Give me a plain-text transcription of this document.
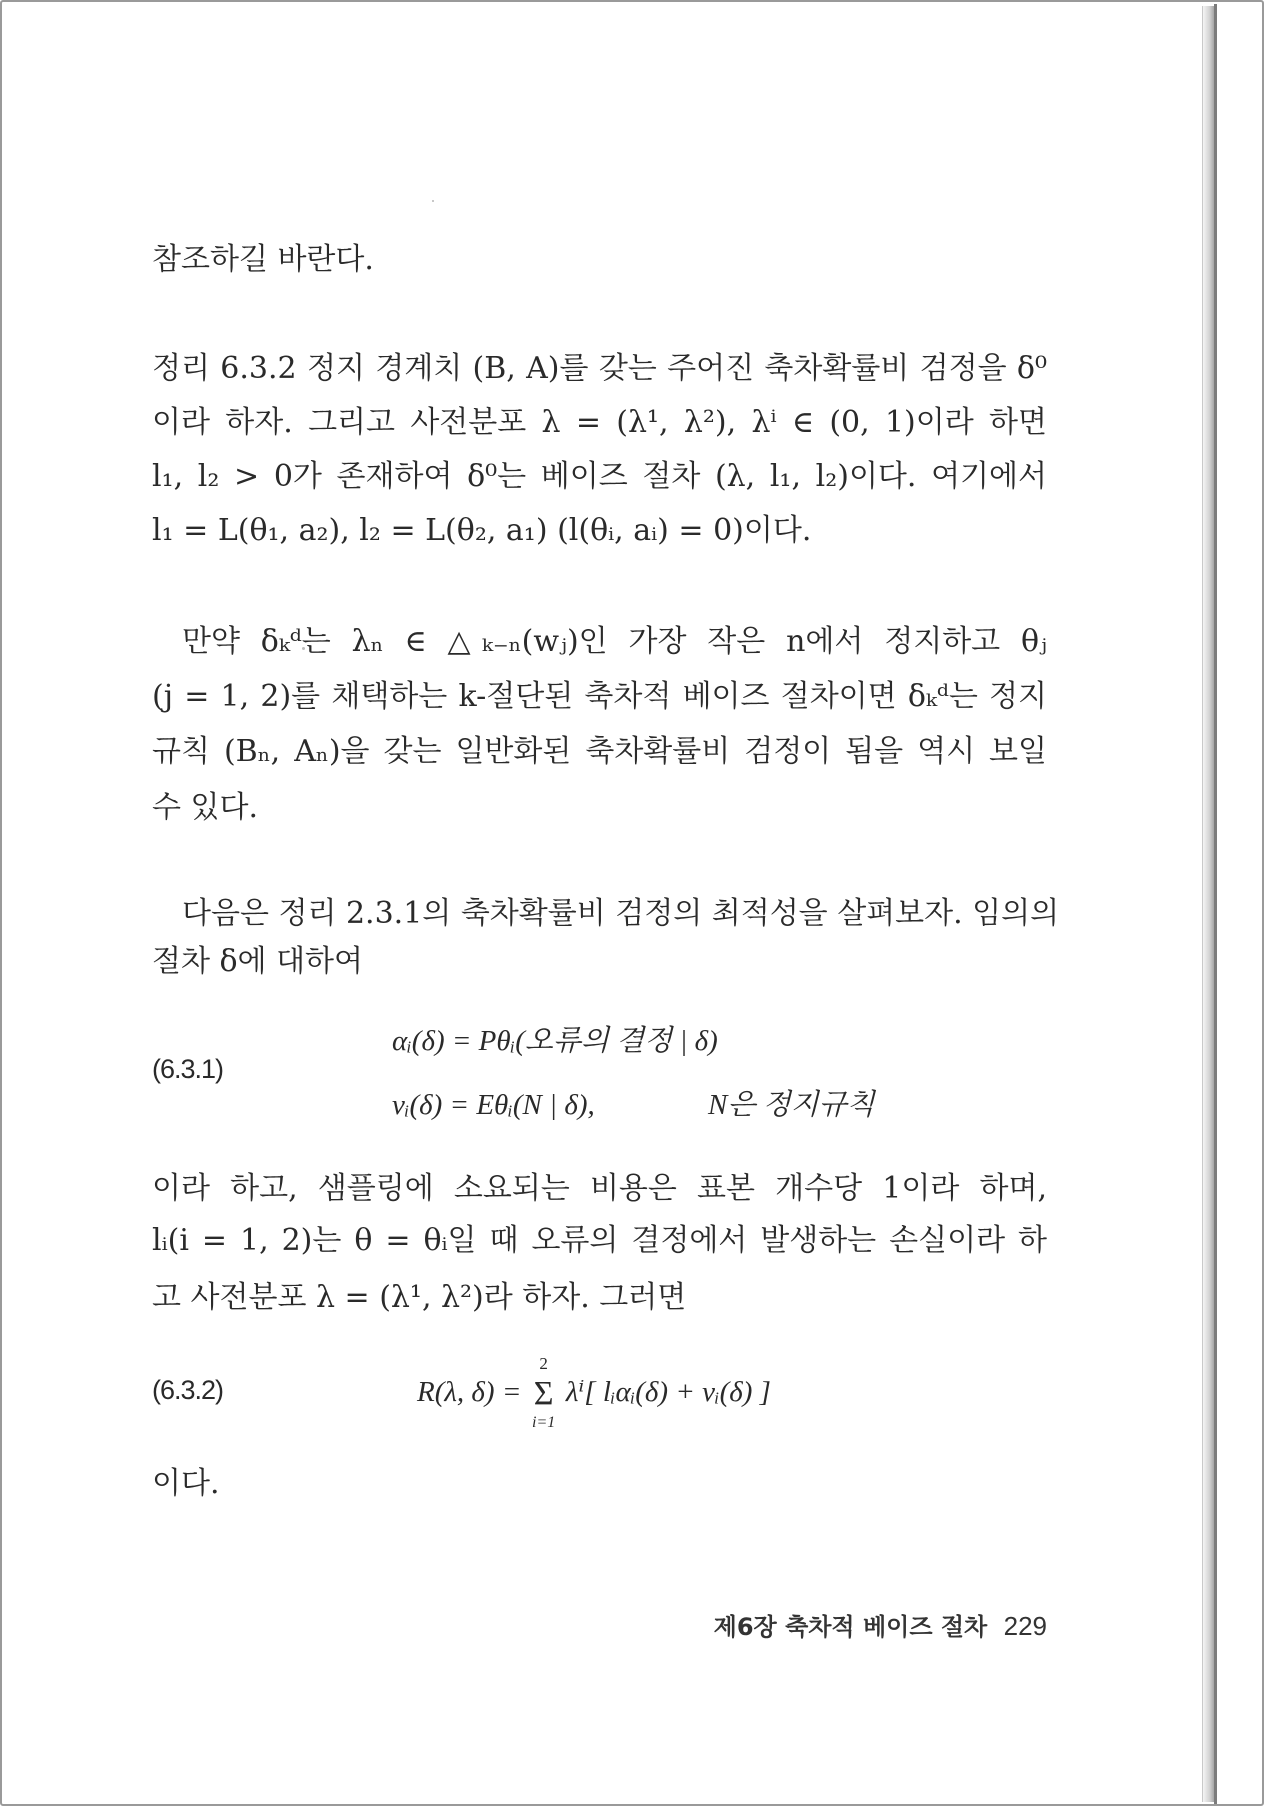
참조하길 바란다.
정리 6.3.2 정지 경계치 (B, A)를 갖는 주어진 축차확률비 검정을 δ⁰
이라 하자. 그리고 사전분포 λ = (λ¹, λ²), λⁱ ∈ (0, 1)이라 하면
l₁, l₂ > 0가 존재하여 δ⁰는 베이즈 절차 (λ, l₁, l₂)이다. 여기에서
l₁ = L(θ₁, a₂), l₂ = L(θ₂, a₁) (l(θᵢ, aᵢ) = 0)이다.
만약 δₖᵈ는 λₙ ∈ △ₖ₋ₙ(wⱼ)인 가장 작은 n에서 정지하고 θⱼ
(j = 1, 2)를 채택하는 k-절단된 축차적 베이즈 절차이면 δₖᵈ는 정지
규칙 (Bₙ, Aₙ)을 갖는 일반화된 축차확률비 검정이 됨을 역시 보일
수 있다.
다음은 정리 2.3.1의 축차확률비 검정의 최적성을 살펴보자. 임의의
절차 δ에 대하여
(6.3.1)
αᵢ(δ) = Pθᵢ(오류의 결정 | δ)
vᵢ(δ) = Eθᵢ(N | δ),	N은 정지규칙
이라 하고, 샘플링에 소요되는 비용은 표본 개수당 1이라 하며,
lᵢ(i = 1, 2)는 θ = θᵢ일 때 오류의 결정에서 발생하는 손실이라 하
고 사전분포 λ = (λ¹, λ²)라 하자. 그러면
(6.3.2)	R(λ, δ) =
2
Σ
i=1
λⁱ[ lᵢαᵢ(δ) + vᵢ(δ) ]
이다.
제6장 축차적 베이즈 절차 229
